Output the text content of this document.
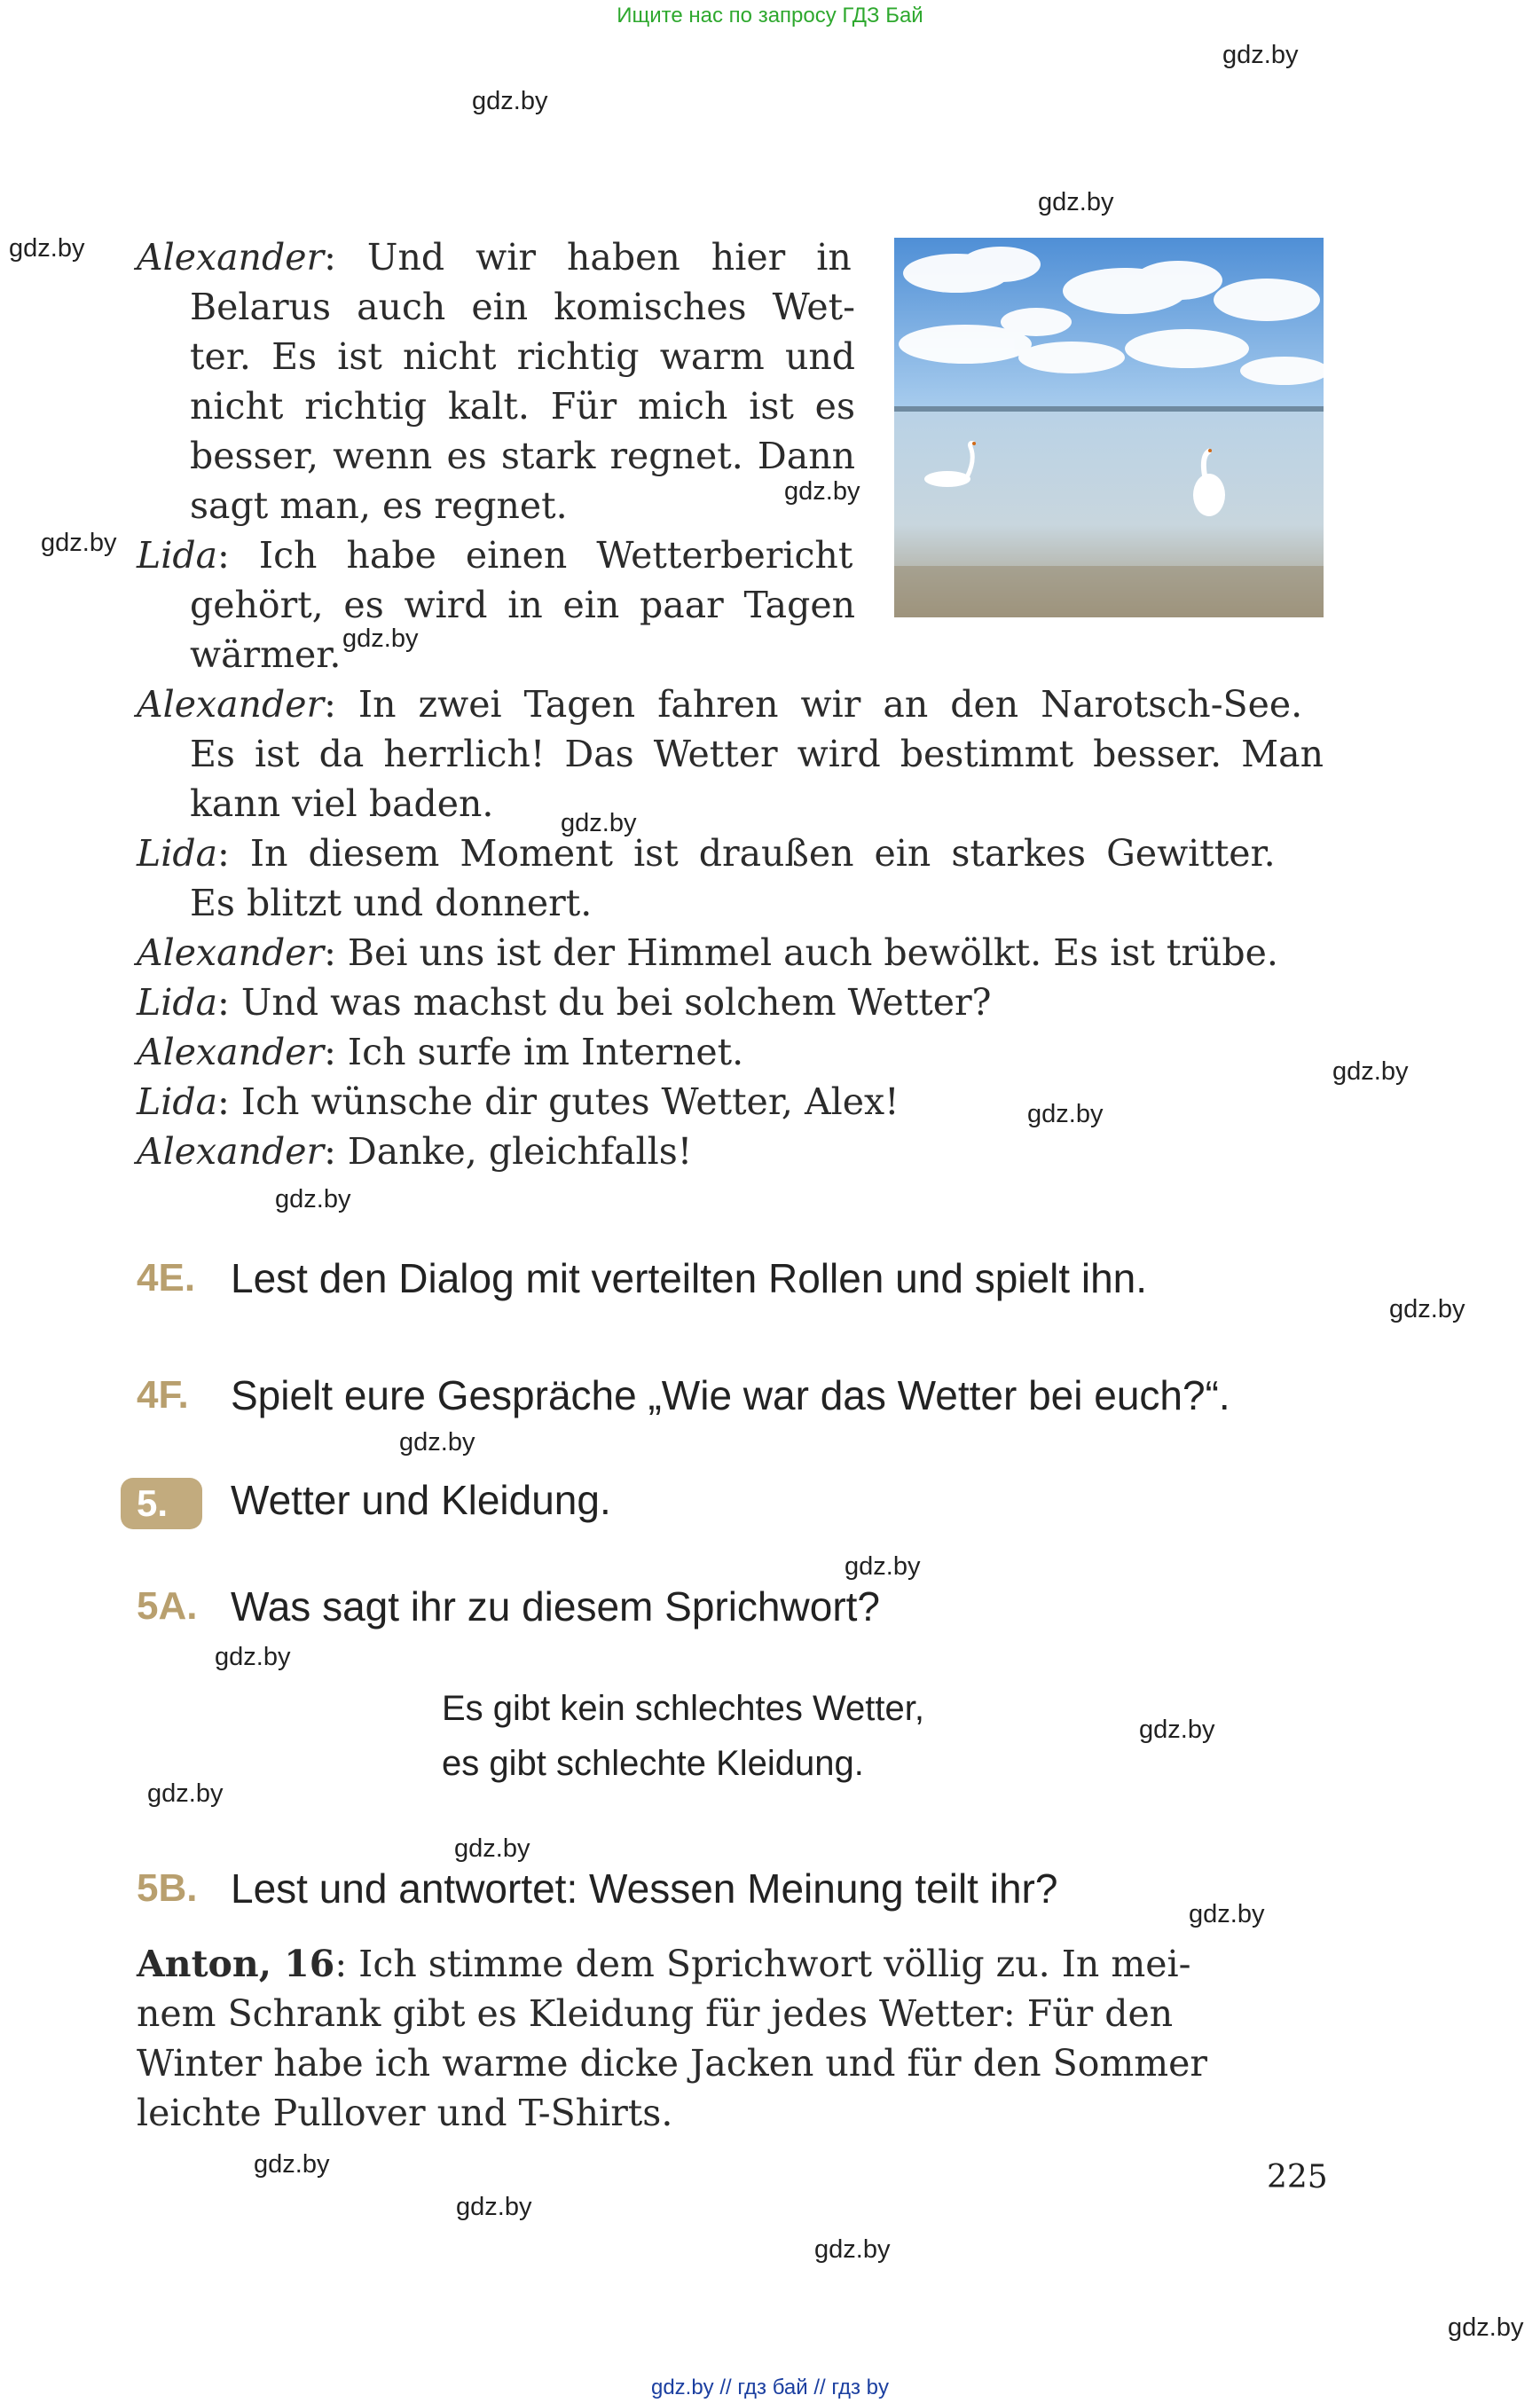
Ищите нас по запросу ГДЗ Бай
gdz.by
gdz.by
gdz.by
gdz.by
gdz.by
gdz.by
gdz.by
gdz.by
gdz.by
gdz.by
gdz.by
gdz.by
gdz.by
gdz.by
gdz.by
gdz.by
gdz.by
gdz.by
gdz.by
gdz.by
gdz.by
gdz.by
gdz.by
Alexander: Und wir haben hier in
Belarus auch ein komisches Wet-
ter. Es ist nicht richtig warm und
nicht richtig kalt. Für mich ist es
besser, wenn es stark regnet. Dann
sagt man, es regnet.
Lida: Ich habe einen Wetterbericht
gehört, es wird in ein paar Tagen
wärmer.
Alexander: In zwei Tagen fahren wir an den Narotsch-See.
Es ist da herrlich! Das Wetter wird bestimmt besser. Man
kann viel baden.
Lida: In diesem Moment ist draußen ein starkes Gewitter.
Es blitzt und donnert.
Alexander: Bei uns ist der Himmel auch bewölkt. Es ist trübe.
Lida: Und was machst du bei solchem Wetter?
Alexander: Ich surfe im Internet.
Lida: Ich wünsche dir gutes Wetter, Alex!
Alexander: Danke, gleichfalls!
4E. Lest den Dialog mit verteilten Rollen und spielt ihn.
4F. Spielt eure Gespräche „Wie war das Wetter bei euch?“.
5.	Wetter und Kleidung.
5A. Was sagt ihr zu diesem Sprichwort?
Es gibt kein schlechtes Wetter,
es gibt schlechte Kleidung.
5B. Lest und antwortet: Wessen Meinung teilt ihr?
Anton, 16: Ich stimme dem Sprichwort völlig zu. In mei-
nem Schrank gibt es Kleidung für jedes Wetter: Für den
Winter habe ich warme dicke Jacken und für den Sommer
leichte Pullover und T-Shirts.
225
gdz.by // гдз бай // гдз by
